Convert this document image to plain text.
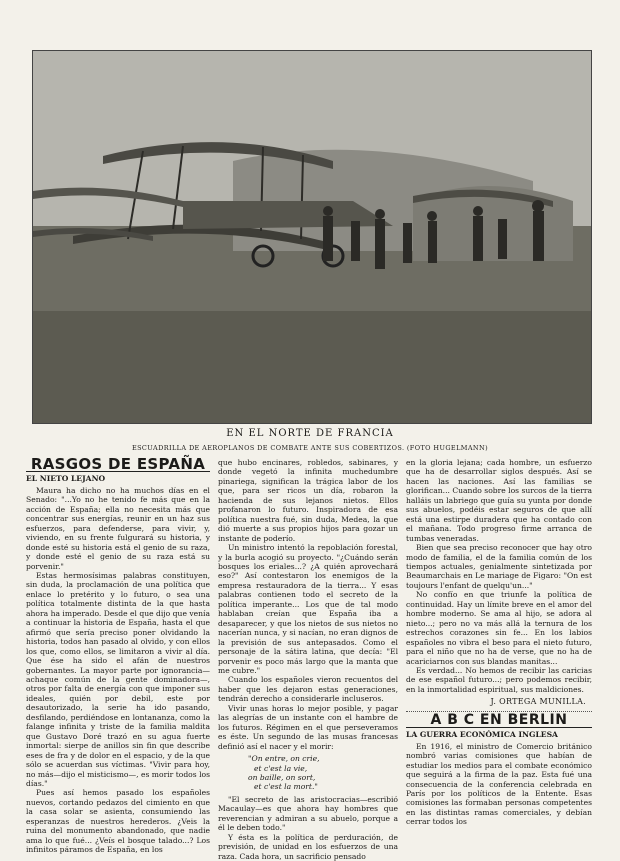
EN EL NORTE DE FRANCIA
ESCUADRILLA DE AEROPLANOS DE COMBATE ANTE SUS COBERTIZOS. (FOTO HUGELMANN)
RASGOS DE ESPAÑA
EL NIETO LEJANO

Maura ha dicho no ha muchos días en el Senado: "...Yo no he tenido fe más que en la acción de España; ella no necesita más que concentrar sus energías, reunir en un haz sus esfuerzos, para defenderse, para vivir, y, viviendo, en su frente fulgurará su historia, y donde esté su historia está el genio de su raza, y donde esté el genio de su raza está su porvenir."

Estas hermosísimas palabras constituyen, sin duda, la proclamación de una política que enlace lo pretérito y lo futuro, o sea una política totalmente distinta de la que hasta ahora ha imperado. Desde el que dijo que venía a continuar la historia de España, hasta el que afirmó que sería preciso poner olvidando la historia, todos han pasado al olvido, y con ellos los que, como ellos, se limitaron a vivir al día. Que ése ha sido el afán de nuestros gobernantes. La mayor parte por ignorancia—achaque común de la gente dominadora—, otros por falta de energía con que imponer sus ideales, quién por debil, este por desautorizado, la serie ha ido pasando, desfilando, perdiéndose en lontananza, como la falange infinita y triste de la familia maldita que Gustavo Doré trazó en su agua fuerte inmortal: sierpe de anillos sin fin que describe eses de fra y de dolor en el espacio, y de la que sólo se acuerdan sus víctimas. "Vivir para hoy, no más—dijo el misticismo—, es morir todos los días."

Pues así hemos pasado los españoles nuevos, cortando pedazos del cimiento en que la casa solar se asienta, consumiendo las esperanzas de nuestros herederos. ¿Veis la ruina del monumento abandonado, que nadie ama lo que fué... ¿Veís el bosque talado...? Los infinitos páramos de España, en los

que hubo encinares, robledos, sabinares, y donde vegetó la infinita muchedumbre pinariega, significan la trágica labor de los que, para ser ricos un día, robaron la hacienda de sus lejanos nietos. Ellos profanaron lo futuro. Inspiradora de esa política nuestra fué, sin duda, Medea, la que dió muerte a sus propios hijos para gozar un instante de poderío.

Un ministro intentó la repoblación forestal, y la burla acogió su proyecto. "¿Cuándo serán bosques los eriales...? ¿A quién aprovechará eso?" Así contestaron los enemigos de la empresa restauradora de la tierra... Y esas palabras contienen todo el secreto de la política imperante... Los que de tal modo hablaban creían que España iba a desaparecer, y que los nietos de sus nietos no nacerían nunca, y si nacían, no eran dignos de la previsión de sus antepasados. Como el personaje de la sátira latina, que decía: "El porvenir es poco más largo que la manta que me cubre."

Cuando los españoles vieron recuentos del haber que les dejaron estas generaciones, tendrán derecho a considerarle incluseros.

Vivir unas horas lo mejor posible, y pagar las alegrías de un instante con el hambre de los futuros. Régimen en el que perseveramos es éste. Un segundo de las musas francesas definió así el nacer y el morir:

"On entre, on crie,
et c'est la vie,
on baille, on sort,
et c'est la mort."

"El secreto de las aristocracias—escribió Macaulay—es que ahora hay hombres que reverencian y admiran a su abuelo, porque a él le deben todo."

Y ésta es la política de perduración, de previsión, de unidad en los esfuerzos de una raza. Cada hora, un sacrificio pensado

en la gloria lejana; cada hombre, un esfuerzo que ha de desarrollar siglos después. Así se hacen las naciones. Así las familias se glorifican... Cuando sobre los surcos de la tierra halláis un labriego que guía su yunta por donde sus abuelos, podéis estar seguros de que allí está una estirpe duradera que ha contado con el mañana. Todo progreso firme arranca de tumbas veneradas.

Bien que sea preciso reconocer que hay otro modo de familia, el de la familia común de los tiempos actuales, genialmente sintetizada por Beaumarchais en Le mariage de Figaro: "On est toujours l'enfant de quelqu'un..."

No confío en que triunfe la política de continuidad. Hay un límite breve en el amor del hombre moderno. Se ama al hijo, se adora al nieto...; pero no va más allá la ternura de los estrechos corazones sin fe... En los labios españoles no vibra el beso para el nieto futuro, para el niño que no ha de verse, que no ha de acariciarnos con sus blandas manitas...

Es verdad... No hemos de recibir las caricias de ese español futuro...; pero podemos recibir, en la inmortalidad espiritual, sus maldiciones.

J. ORTEGA MUNILLA.
A B C EN BERLIN
LA GUERRA ECONÓMICA INGLESA

En 1916, el ministro de Comercio británico nombró varias comisiones que habían de estudiar los medios para el combate económico que seguirá a la firma de la paz. Esta fué una consecuencia de la conferencia celebrada en París por los políticos de la Entente. Esas comisiones las formaban personas competentes en las distintas ramas comerciales, y debían cerrar todos los
